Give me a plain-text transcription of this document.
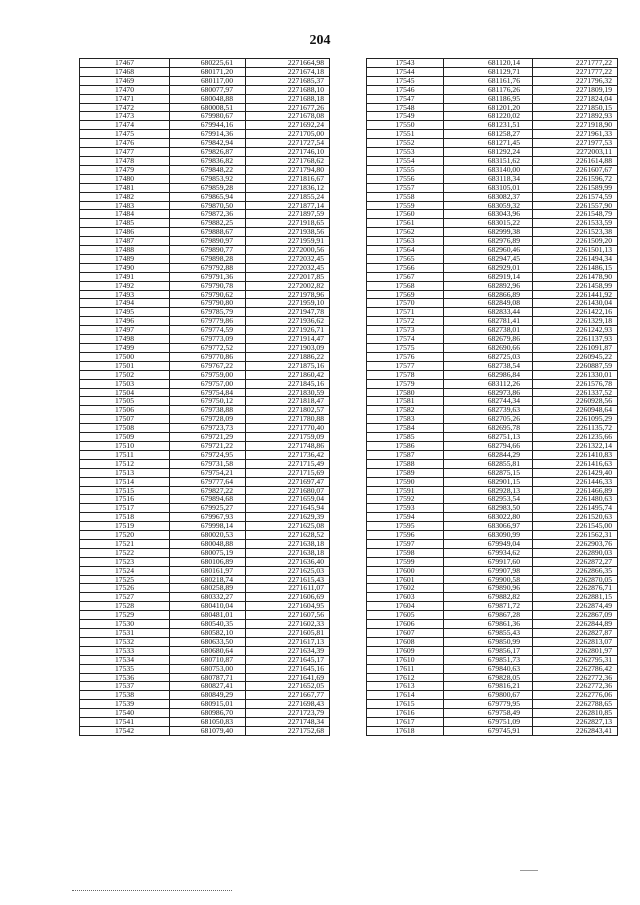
204
17467	680225,61	2271664,98
17468	680171,20	2271674,18
17469	680117,00	2271685,37
17470	680077,97	2271688,10
17471	680048,88	2271688,18
17472	680008,51	2271677,26
17473	679980,67	2271678,08
17474	679944,16	2271692,24
17475	679914,36	2271705,00
17476	679842,94	2271727,54
17477	679826,87	2271746,10
17478	679836,82	2271768,62
17479	679848,22	2271794,80
17480	679853,92	2271816,67
17481	679859,28	2271836,12
17482	679865,94	2271855,24
17483	679870,50	2271877,14
17484	679872,36	2271897,59
17485	679882,25	2271918,65
17486	679888,67	2271938,56
17487	679890,97	2271959,91
17488	679890,77	2272000,56
17489	679898,28	2272032,45
17490	679792,88	2272032,45
17491	679791,36	2272017,85
17492	679790,78	2272002,82
17493	679790,62	2271978,96
17494	679790,80	2271959,10
17495	679785,79	2271947,78
17496	679779,86	2271936,62
17497	679774,59	2271926,71
17498	679773,09	2271914,47
17499	679772,52	2271903,09
17500	679770,86	2271886,22
17501	679767,22	2271875,16
17502	679759,00	2271860,42
17503	679757,00	2271845,16
17504	679754,84	2271830,59
17505	679750,12	2271818,47
17506	679738,88	2271802,57
17507	679728,09	2271780,88
17508	679723,73	2271770,40
17509	679721,29	2271759,09
17510	679721,22	2271748,86
17511	679724,95	2271736,42
17512	679731,58	2271715,49
17513	679754,21	2271715,69
17514	679777,64	2271697,47
17515	679827,22	2271680,07
17516	679894,68	2271659,04
17517	679925,27	2271645,94
17518	679967,93	2271629,39
17519	679998,14	2271625,08
17520	680020,53	2271628,52
17521	680048,88	2271638,18
17522	680075,19	2271638,18
17523	680106,89	2271636,40
17524	680161,97	2271625,03
17525	680218,74	2271615,43
17526	680258,89	2271611,07
17527	680332,27	2271606,69
17528	680410,04	2271604,95
17529	680481,01	2271607,56
17530	680540,35	2271602,33
17531	680582,10	2271605,81
17532	680633,50	2271617,13
17533	680680,64	2271634,39
17534	680710,87	2271645,17
17535	680753,00	2271645,16
17536	680787,71	2271641,69
17537	680827,41	2271652,05
17538	680849,29	2271667,77
17539	680915,01	2271698,43
17540	680986,70	2271723,79
17541	681050,83	2271748,34
17542	681079,40	2271752,68
17543	681120,14	2271777,22
17544	681129,71	2271777,22
17545	681161,76	2271796,32
17546	681176,26	2271809,19
17547	681186,95	2271824,04
17548	681201,20	2271850,15
17549	681220,02	2271892,93
17550	681231,51	2271918,90
17551	681258,27	2271961,33
17552	681271,45	2271977,53
17553	681292,24	2272003,11
17554	683151,62	2261614,88
17555	683140,00	2261607,67
17556	683118,34	2261596,72
17557	683105,01	2261589,99
17558	683082,37	2261574,59
17559	683059,32	2261557,90
17560	683043,96	2261548,79
17561	683015,22	2261533,59
17562	682999,38	2261523,38
17563	682976,89	2261509,20
17564	682960,46	2261501,13
17565	682947,45	2261494,34
17566	682929,01	2261486,15
17567	682919,14	2261478,90
17568	682892,96	2261458,99
17569	682866,89	2261441,92
17570	682849,08	2261430,04
17571	682833,44	2261422,16
17572	682781,41	2261329,18
17573	682738,01	2261242,93
17574	682679,86	2261137,93
17575	682690,66	2261091,87
17576	682725,03	2260945,22
17577	682738,54	2260887,59
17578	682986,84	2261330,01
17579	683112,26	2261576,78
17580	682973,86	2261337,52
17581	682744,34	2260928,56
17582	682739,63	2260948,64
17583	682705,26	2261095,29
17584	682695,78	2261135,72
17585	682751,13	2261235,66
17586	682794,66	2261322,14
17587	682844,29	2261410,83
17588	682855,81	2261416,63
17589	682875,15	2261429,40
17590	682901,15	2261446,33
17591	682928,13	2261466,89
17592	682953,54	2261480,63
17593	682983,50	2261495,74
17594	683022,80	2261520,63
17595	683066,97	2261545,00
17596	683090,99	2261562,31
17597	679949,04	2262903,76
17598	679934,62	2262890,03
17599	679917,60	2262872,27
17600	679907,98	2262866,35
17601	679900,58	2262870,05
17602	679890,96	2262876,71
17603	679882,82	2262881,15
17604	679871,72	2262874,49
17605	679867,28	2262867,09
17606	679861,36	2262844,89
17607	679855,43	2262827,87
17608	679850,99	2262813,07
17609	679856,17	2262801,97
17610	679851,73	2262795,31
17611	679840,63	2262786,42
17612	679828,05	2262772,36
17613	679816,21	2262772,36
17614	679800,67	2262776,06
17615	679779,95	2262788,65
17616	679758,49	2262810,85
17617	679751,09	2262827,13
17618	679745,91	2262843,41
